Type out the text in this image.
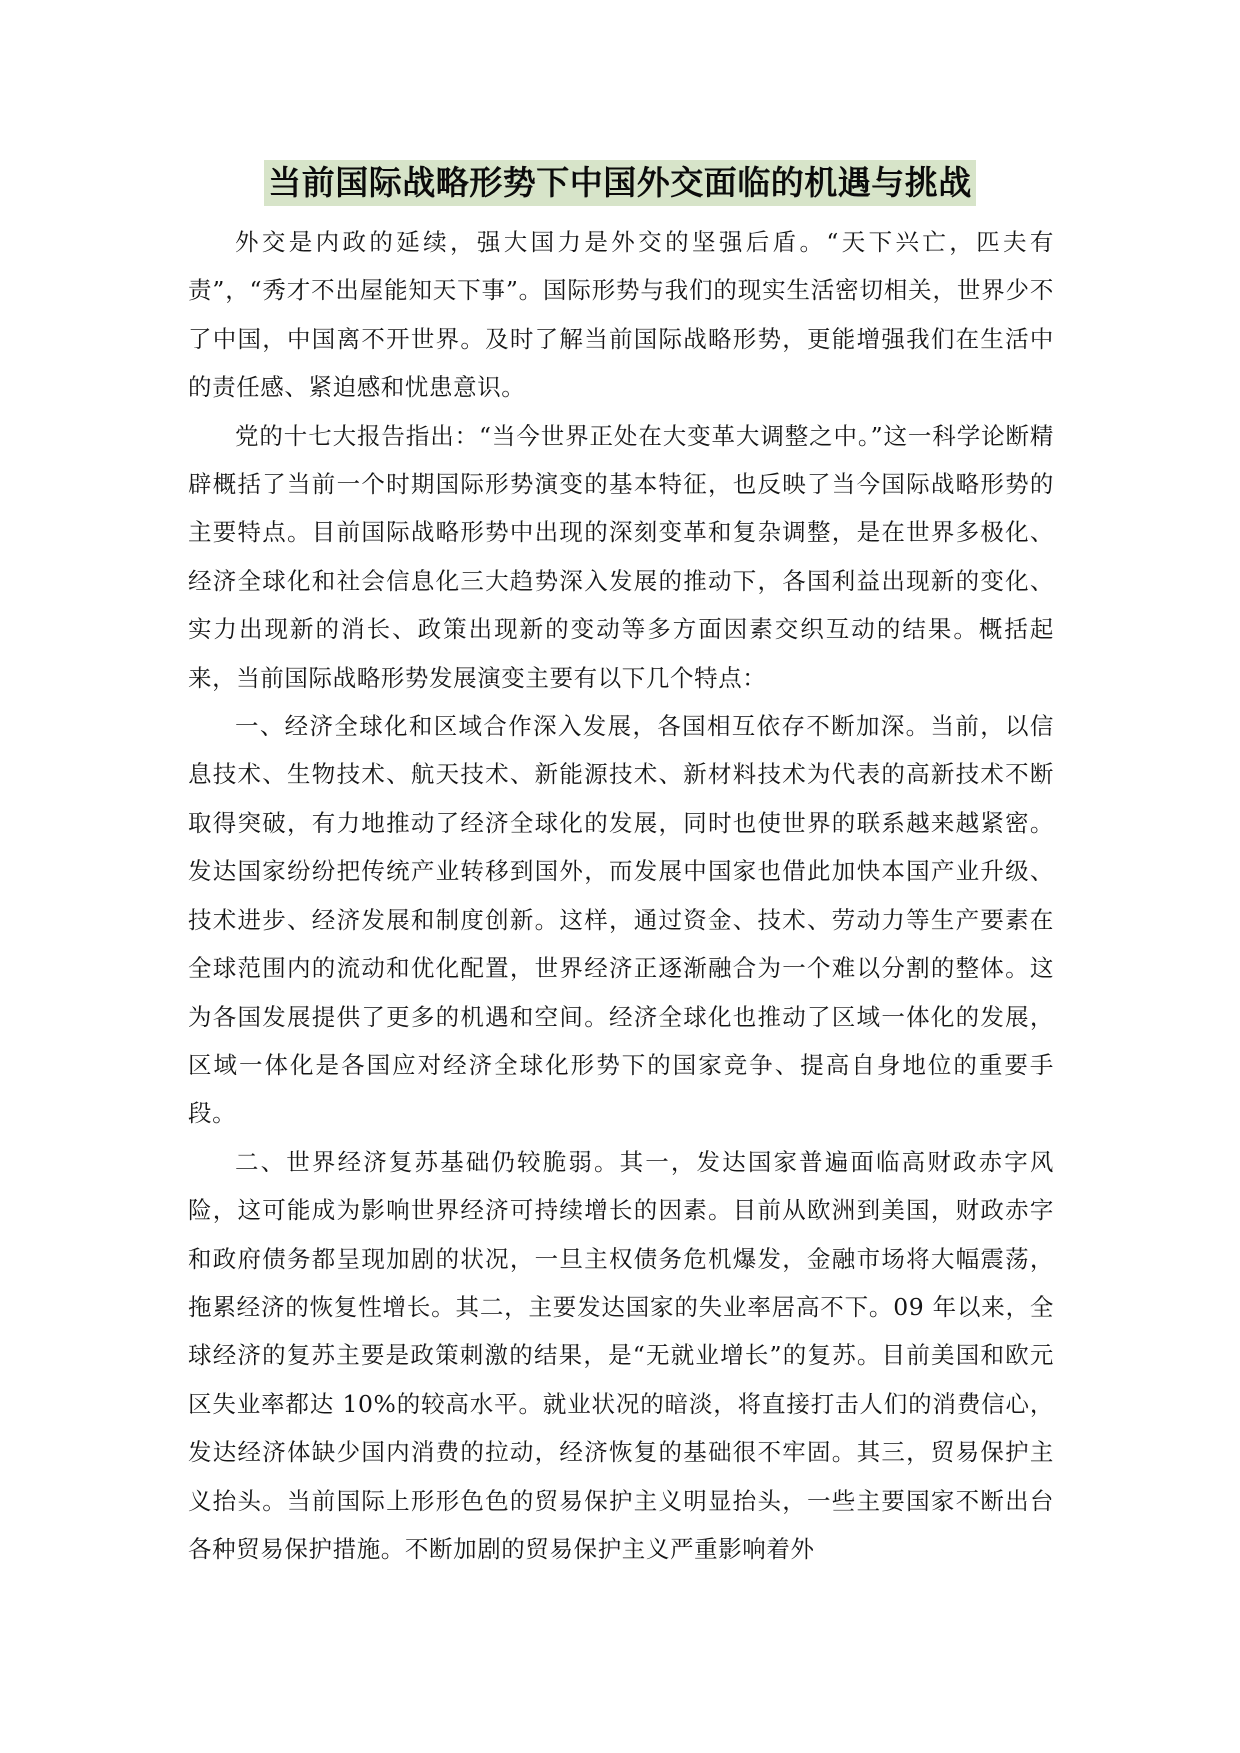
当前国际战略形势下中国外交面临的机遇与挑战

外交是内政的延续，强大国力是外交的坚强后盾。“天下兴亡，匹夫有责”，“秀才不出屋能知天下事”。国际形势与我们的现实生活密切相关，世界少不了中国，中国离不开世界。及时了解当前国际战略形势，更能增强我们在生活中的责任感、紧迫感和忧患意识。

党的十七大报告指出：“当今世界正处在大变革大调整之中。”这一科学论断精辟概括了当前一个时期国际形势演变的基本特征，也反映了当今国际战略形势的主要特点。目前国际战略形势中出现的深刻变革和复杂调整，是在世界多极化、经济全球化和社会信息化三大趋势深入发展的推动下，各国利益出现新的变化、实力出现新的消长、政策出现新的变动等多方面因素交织互动的结果。概括起来，当前国际战略形势发展演变主要有以下几个特点：

一、经济全球化和区域合作深入发展，各国相互依存不断加深。当前，以信息技术、生物技术、航天技术、新能源技术、新材料技术为代表的高新技术不断取得突破，有力地推动了经济全球化的发展，同时也使世界的联系越来越紧密。发达国家纷纷把传统产业转移到国外，而发展中国家也借此加快本国产业升级、技术进步、经济发展和制度创新。这样，通过资金、技术、劳动力等生产要素在全球范围内的流动和优化配置，世界经济正逐渐融合为一个难以分割的整体。这为各国发展提供了更多的机遇和空间。经济全球化也推动了区域一体化的发展，区域一体化是各国应对经济全球化形势下的国家竞争、提高自身地位的重要手段。

二、世界经济复苏基础仍较脆弱。其一，发达国家普遍面临高财政赤字风险，这可能成为影响世界经济可持续增长的因素。目前从欧洲到美国，财政赤字和政府债务都呈现加剧的状况，一旦主权债务危机爆发，金融市场将大幅震荡，拖累经济的恢复性增长。其二，主要发达国家的失业率居高不下。09 年以来，全球经济的复苏主要是政策刺激的结果，是“无就业增长”的复苏。目前美国和欧元区失业率都达 10%的较高水平。就业状况的暗淡，将直接打击人们的消费信心，发达经济体缺少国内消费的拉动，经济恢复的基础很不牢固。其三，贸易保护主义抬头。当前国际上形形色色的贸易保护主义明显抬头，一些主要国家不断出台各种贸易保护措施。不断加剧的贸易保护主义严重影响着外
